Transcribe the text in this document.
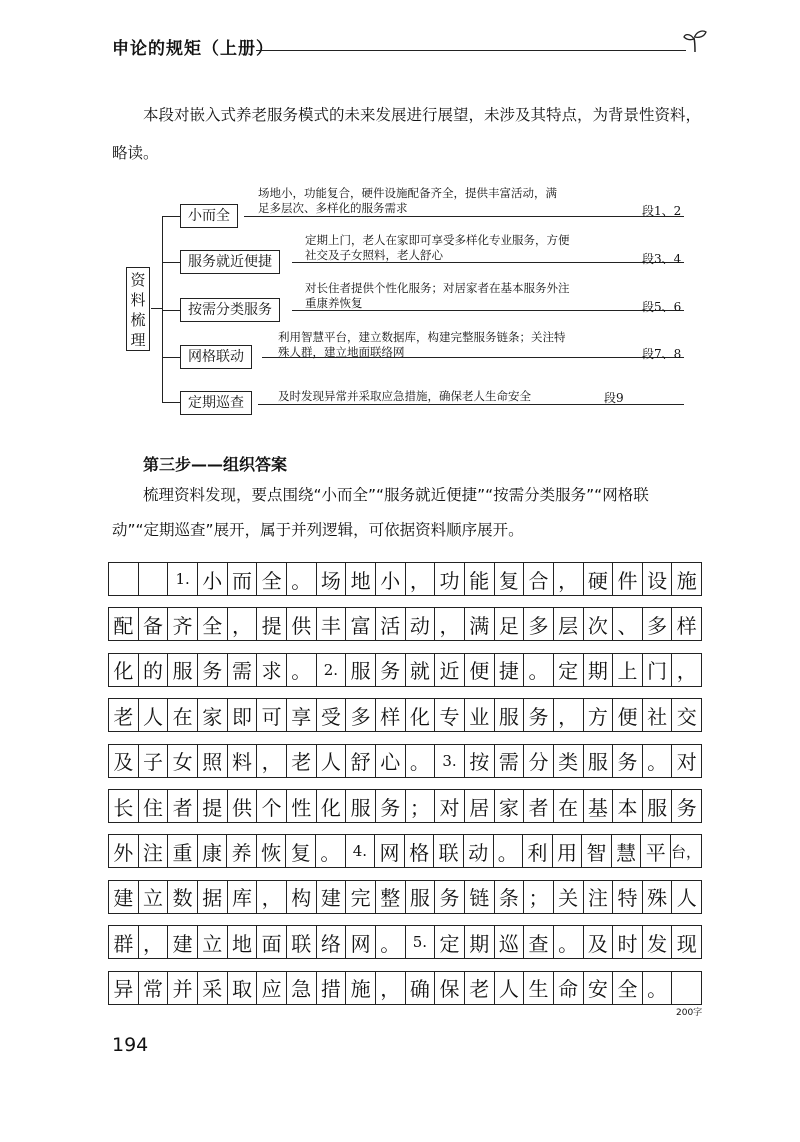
申论的规矩（上册）
本段对嵌入式养老服务模式的未来发展进行展望，未涉及其特点，为背景性资料，
略读。
资
料
梳
理
小而全
场地小，功能复合，硬件设施配备齐全，提供丰富活动，满
足多层次、多样化的服务需求	段1、2
服务就近便捷
定期上门，老人在家即可享受多样化专业服务，方便
社交及子女照料，老人舒心	段3、4
按需分类服务
对长住者提供个性化服务；对居家者在基本服务外注
重康养恢复	段5、6
网格联动
利用智慧平台，建立数据库，构建完整服务链条；关注特
殊人群，建立地面联络网	段7、8
定期巡查	及时发现异常并采取应急措施，确保老人生命安全	段9
第三步——组织答案
梳理资料发现，要点围绕“小而全”“服务就近便捷”“按需分类服务”“网格联
动”“定期巡查”展开，属于并列逻辑，可依据资料顺序展开。
1. 小 而 全 。 场 地 小 ， 功 能 复 合 ， 硬 件 设 施
配 备 齐 全 ， 提 供 丰 富 活 动 ， 满 足 多 层 次 、 多 样
化 的 服 务 需 求 。 2. 服 务 就 近 便 捷 。 定 期 上 门 ，
老 人 在 家 即 可 享 受 多 样 化 专 业 服 务 ， 方 便 社 交
及 子 女 照 料 ， 老 人 舒 心 。 3. 按 需 分 类 服 务 。 对
长 住 者 提 供 个 性 化 服 务 ； 对 居 家 者 在 基 本 服 务
外 注 重 康 养 恢 复 。 4. 网 格 联 动 。 利 用 智 慧 平 台，
建 立 数 据 库 ， 构 建 完 整 服 务 链 条 ； 关 注 特 殊 人
群 ， 建 立 地 面 联 络 网 。 5. 定 期 巡 查 。 及 时 发 现
异 常 并 采 取 应 急 措 施 ， 确 保 老 人 生 命 安 全 。
200字
194
